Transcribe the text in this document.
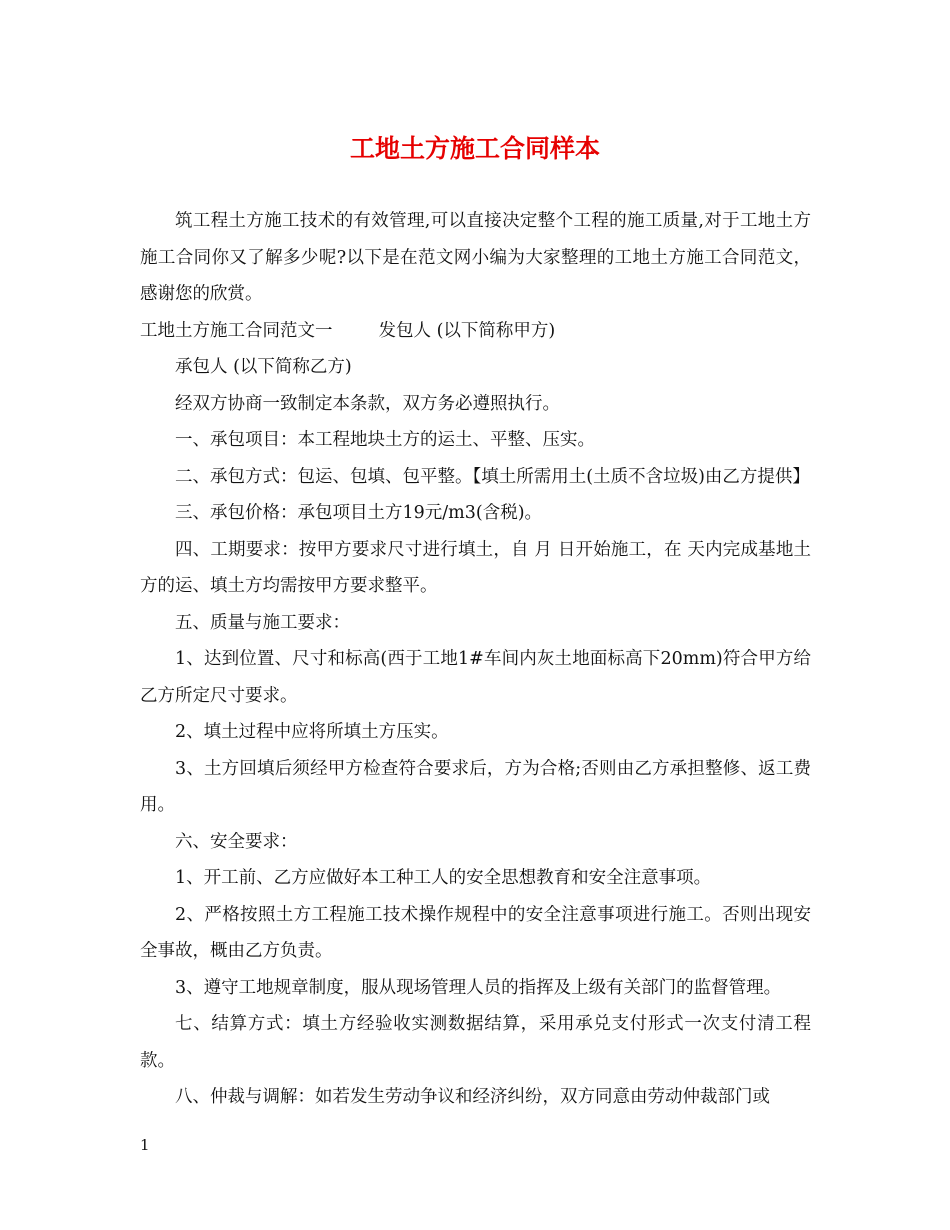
工地土方施工合同样本

筑工程土方施工技术的有效管理,可以直接决定整个工程的施工质量,对于工地土方施工合同你又了解多少呢?以下是在范文网小编为大家整理的工地土方施工合同范文，感谢您的欣赏。

工地土方施工合同范文一	发包人 (以下简称甲方)

承包人 (以下简称乙方)

经双方协商一致制定本条款，双方务必遵照执行。

一、承包项目：本工程地块土方的运土、平整、压实。

二、承包方式：包运、包填、包平整。【填土所需用土(土质不含垃圾)由乙方提供】

三、承包价格：承包项目土方19元/m3(含税)。

四、工期要求：按甲方要求尺寸进行填土，自 月 日开始施工，在 天内完成基地土方的运、填土方均需按甲方要求整平。

五、质量与施工要求：

1、达到位置、尺寸和标高(西于工地1#车间内灰土地面标高下20mm)符合甲方给乙方所定尺寸要求。

2、填土过程中应将所填土方压实。

3、土方回填后须经甲方检查符合要求后，方为合格;否则由乙方承担整修、返工费用。

六、安全要求：

1、开工前、乙方应做好本工种工人的安全思想教育和安全注意事项。

2、严格按照土方工程施工技术操作规程中的安全注意事项进行施工。否则出现安全事故，概由乙方负责。

3、遵守工地规章制度，服从现场管理人员的指挥及上级有关部门的监督管理。

七、结算方式：填土方经验收实测数据结算，采用承兑支付形式一次支付清工程款。

八、仲裁与调解：如若发生劳动争议和经济纠纷，双方同意由劳动仲裁部门或

1
